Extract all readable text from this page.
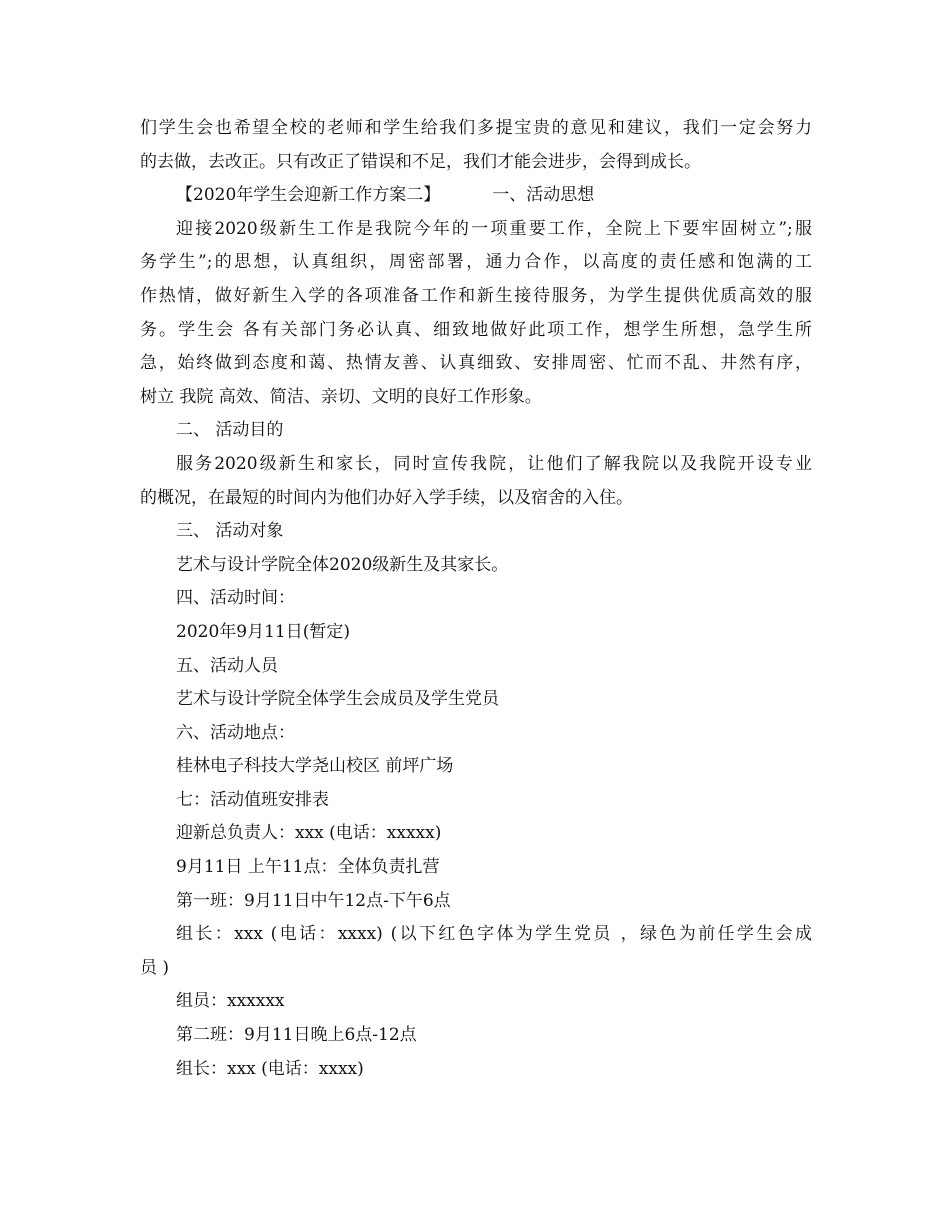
们学生会也希望全校的老师和学生给我们多提宝贵的意见和建议，我们一定会努力
的去做，去改正。只有改正了错误和不足，我们才能会进步，会得到成长。
【2020年学生会迎新工作方案二】	一、活动思想
迎接2020级新生工作是我院今年的一项重要工作，全院上下要牢固树立”;服
务学生”;的思想，认真组织，周密部署，通力合作，以高度的责任感和饱满的工
作热情，做好新生入学的各项准备工作和新生接待服务，为学生提供优质高效的服
务。学生会 各有关部门务必认真、细致地做好此项工作，想学生所想，急学生所
急，始终做到态度和蔼、热情友善、认真细致、安排周密、忙而不乱、井然有序，
树立 我院 高效、简洁、亲切、文明的良好工作形象。
二、 活动目的
服务2020级新生和家长，同时宣传我院，让他们了解我院以及我院开设专业
的概况，在最短的时间内为他们办好入学手续，以及宿舍的入住。
三、 活动对象
艺术与设计学院全体2020级新生及其家长。
四、活动时间：
2020年9月11日(暂定)
五、活动人员
艺术与设计学院全体学生会成员及学生党员
六、活动地点：
桂林电子科技大学尧山校区 前坪广场
七：活动值班安排表
迎新总负责人：xxx (电话：xxxxx)
9月11日 上午11点：全体负责扎营
第一班：9月11日中午12点-下午6点
组长：xxx (电话：xxxx) (以下红色字体为学生党员 ，绿色为前任学生会成
员 )
组员：xxxxxx
第二班：9月11日晚上6点-12点
组长：xxx (电话：xxxx)
